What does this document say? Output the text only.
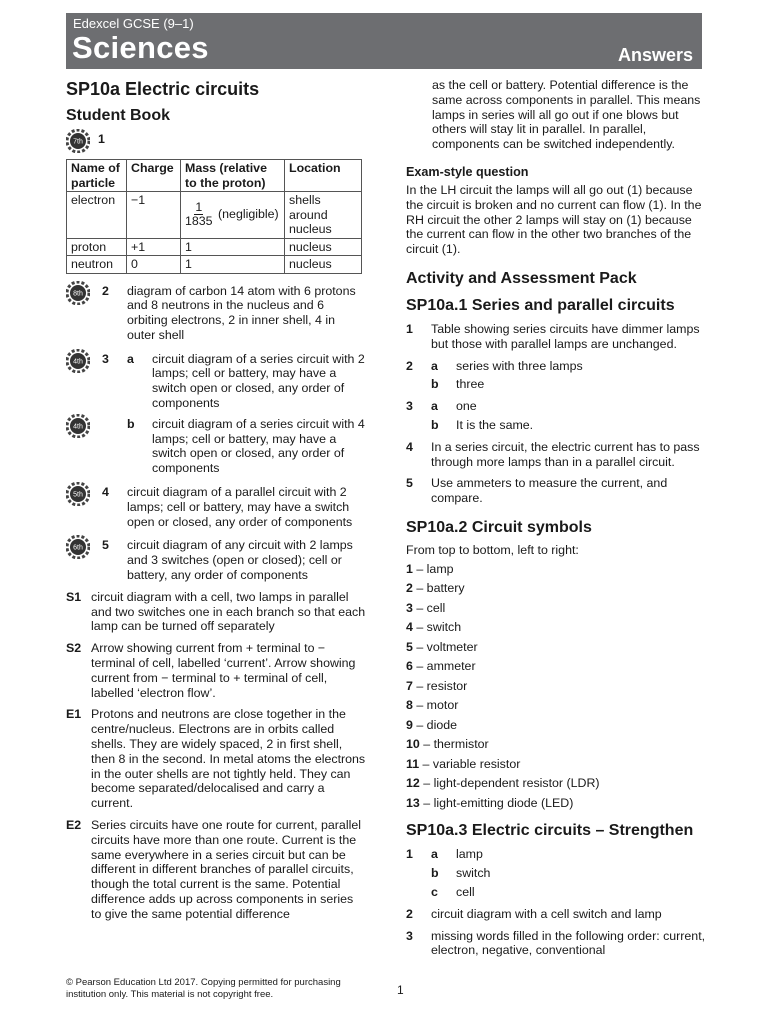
Edexcel GCSE (9–1)
Sciences	Answers
SP10a Electric circuits
Student Book
7th 1
Name of particle	Charge	Mass (relative to the proton)	Location
electron	−1	$\frac{1}{1835}$ (negligible)	shells around nucleus
proton	+1	1	nucleus
neutron	0	1	nucleus
8th 2	diagram of carbon 14 atom with 6 protons and 8 neutrons in the nucleus and 6 orbiting electrons, 2 in inner shell, 4 in outer shell
4th 3	a	circuit diagram of a series circuit with 2 lamps; cell or battery, may have a switch open or closed, any order of components
4th	b	circuit diagram of a series circuit with 4 lamps; cell or battery, may have a switch open or closed, any order of components
5th 4	circuit diagram of a parallel circuit with 2 lamps; cell or battery, may have a switch open or closed, any order of components
6th 5	circuit diagram of any circuit with 2 lamps and 3 switches (open or closed); cell or battery, any order of components
S1 circuit diagram with a cell, two lamps in parallel and two switches one in each branch so that each lamp can be turned off separately
S2 Arrow showing current from + terminal to − terminal of cell, labelled ‘current’. Arrow showing current from − terminal to + terminal of cell, labelled ‘electron flow’.
E1 Protons and neutrons are close together in the centre/nucleus. Electrons are in orbits called shells. They are widely spaced, 2 in first shell, then 8 in the second. In metal atoms the electrons in the outer shells are not tightly held. They can become separated/delocalised and carry a current.
E2 Series circuits have one route for current, parallel circuits have more than one route. Current is the same everywhere in a series circuit but can be different in different branches of parallel circuits, though the total current is the same. Potential difference adds up across components in series to give the same potential difference
as the cell or battery. Potential difference is the same across components in parallel. This means lamps in series will all go out if one blows but others will stay lit in parallel. In parallel, components can be switched independently.
Exam-style question
In the LH circuit the lamps will all go out (1) because the circuit is broken and no current can flow (1). In the RH circuit the other 2 lamps will stay on (1) because the current can flow in the other two branches of the circuit (1).
Activity and Assessment Pack
SP10a.1 Series and parallel circuits
1	Table showing series circuits have dimmer lamps but those with parallel lamps are unchanged.
2	a	series with three lamps
b	three
3	a	one
b	It is the same.
4	In a series circuit, the electric current has to pass through more lamps than in a parallel circuit.
5	Use ammeters to measure the current, and compare.
SP10a.2 Circuit symbols
From top to bottom, left to right:
1 – lamp
2 – battery
3 – cell
4 – switch
5 – voltmeter
6 – ammeter
7 – resistor
8 – motor
9 – diode
10 – thermistor
11 – variable resistor
12 – light-dependent resistor (LDR)
13 – light-emitting diode (LED)
SP10a.3 Electric circuits – Strengthen
1	a	lamp
b	switch
c	cell
2	circuit diagram with a cell switch and lamp
3	missing words filled in the following order: current, electron, negative, conventional
© Pearson Education Ltd 2017. Copying permitted for purchasing institution only. This material is not copyright free.	1
